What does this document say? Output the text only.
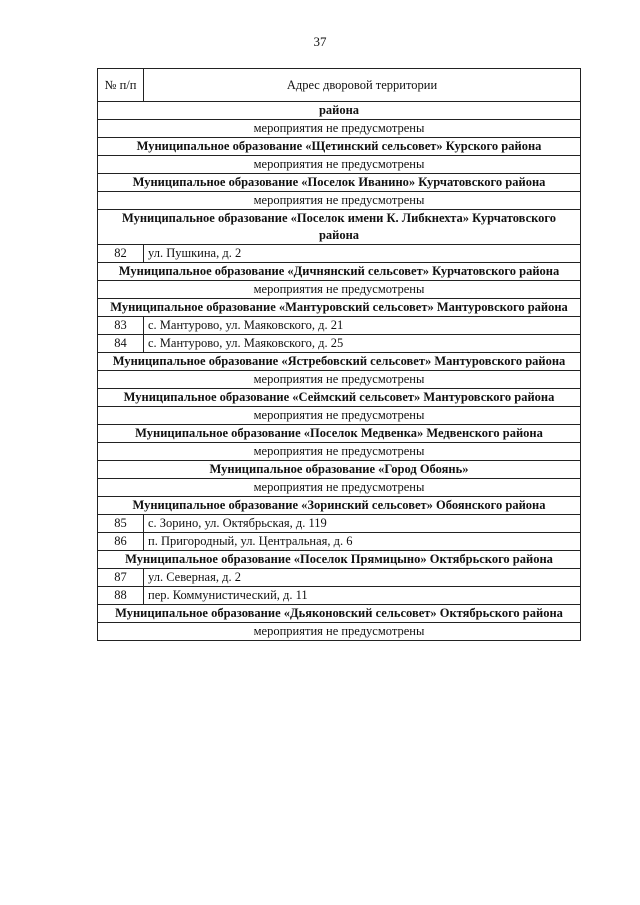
37
№ п/п	Адрес дворовой территории
района	
мероприятия не предусмотрены	
Муниципальное образование «Щетинский сельсовет» Курского района	
мероприятия не предусмотрены	
Муниципальное образование «Поселок Иванино» Курчатовского района	
мероприятия не предусмотрены	
Муниципальное образование «Поселок имени К. Либкнехта» Курчатовского района	
82	ул. Пушкина, д. 2
Муниципальное образование «Дичнянский сельсовет» Курчатовского района	
мероприятия не предусмотрены	
Муниципальное образование «Мантуровский сельсовет» Мантуровского района	
83	с. Мантурово, ул. Маяковского, д. 21
84	с. Мантурово, ул. Маяковского, д. 25
Муниципальное образование «Ястребовский сельсовет» Мантуровского района	
мероприятия не предусмотрены	
Муниципальное образование «Сеймский сельсовет» Мантуровского района	
мероприятия не предусмотрены	
Муниципальное образование «Поселок Медвенка» Медвенского района	
мероприятия не предусмотрены	
Муниципальное образование «Город Обоянь»	
мероприятия не предусмотрены	
Муниципальное образование «Зоринский сельсовет» Обоянского района	
85	с. Зорино, ул. Октябрьская, д. 119
86	п. Пригородный, ул. Центральная, д. 6
Муниципальное образование «Поселок Прямицыно» Октябрьского района	
87	ул. Северная, д. 2
88	пер. Коммунистический, д. 11
Муниципальное образование «Дьяконовский сельсовет» Октябрьского района	
мероприятия не предусмотрены	
